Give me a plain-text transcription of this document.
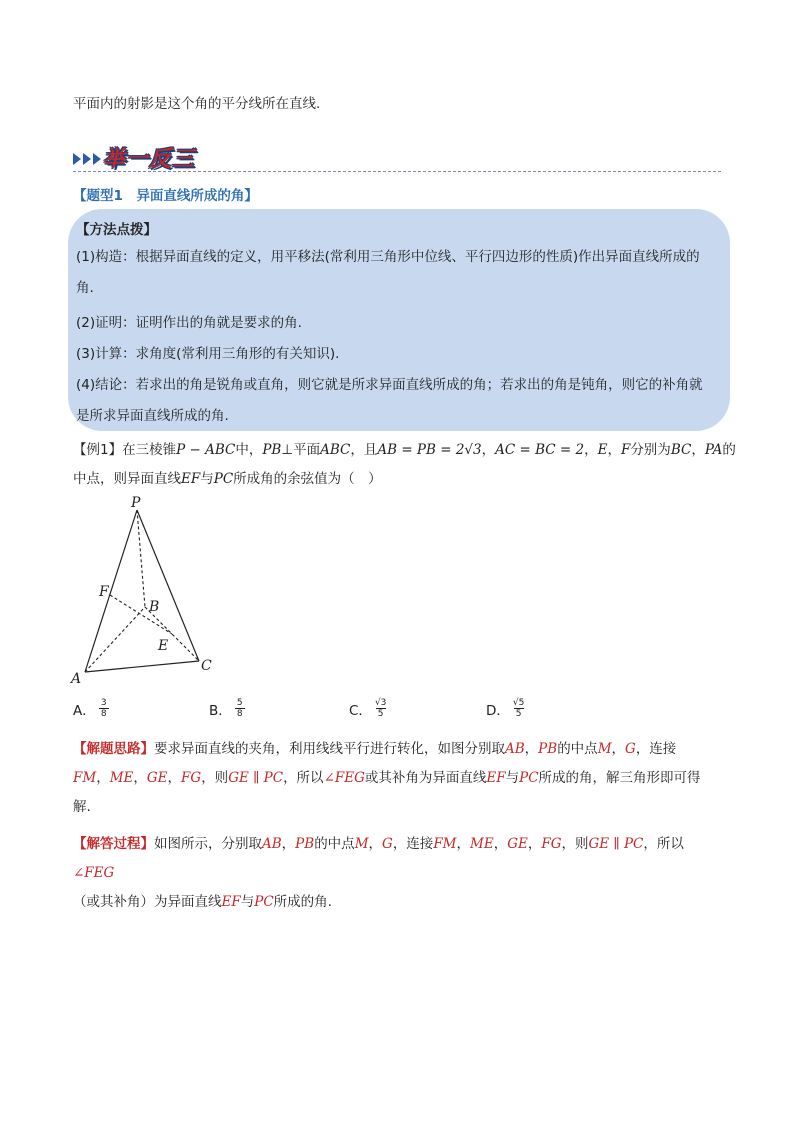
平面内的射影是这个角的平分线所在直线.
举一反三
【题型1　异面直线所成的角】
【方法点拨】
(1)构造：根据异面直线的定义，用平移法(常利用三角形中位线、平行四边形的性质)作出异面直线所成的
角.
(2)证明：证明作出的角就是要求的角.
(3)计算：求角度(常利用三角形的有关知识).
(4)结论：若求出的角是锐角或直角，则它就是所求异面直线所成的角；若求出的角是钝角，则它的补角就
是所求异面直线所成的角.
【例1】在三棱锥P − ABC中，PB⊥平面ABC，且AB = PB = 2√3，AC = BC = 2，E，F分别为BC，PA的
中点，则异面直线EF与PC所成角的余弦值为（　）
P
F
B
E
A
C
A． $\frac{3}{8}$	B． $\frac{5}{8}$	C． $\frac{√3}{5}$	D． $\frac{√5}{5}$
【解题思路】要求异面直线的夹角，利用线线平行进行转化，如图分别取AB，PB的中点M，G，连接
FM，ME，GE，FG，则GE ∥ PC，所以∠FEG或其补角为异面直线EF与PC所成的角，解三角形即可得
解.
【解答过程】如图所示，分别取AB，PB的中点M，G，连接FM，ME，GE，FG，则GE ∥ PC，所以∠FEG
（或其补角）为异面直线EF与PC所成的角.
